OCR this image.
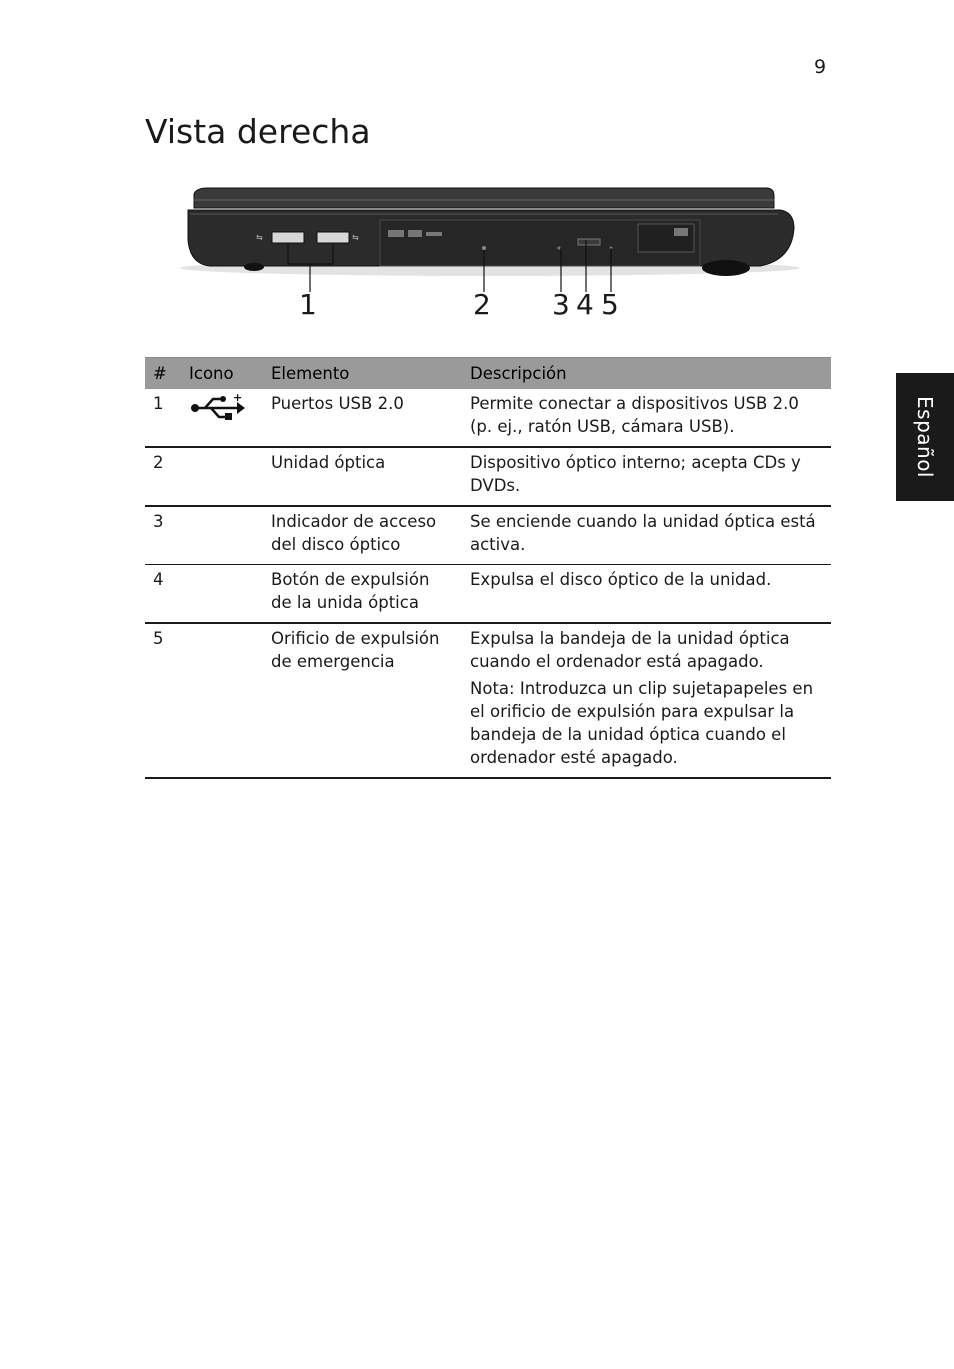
9
Vista derecha
Español
⇆	⇆
1	2 3 4 5
#	Icono	Elemento	Descripción
1	+	Puertos USB 2.0	Permite conectar a dispositivos USB 2.0 (p. ej., ratón USB, cámara USB).
2		Unidad óptica	Dispositivo óptico interno; acepta CDs y DVDs.
3		Indicador de acceso del disco óptico	Se enciende cuando la unidad óptica está activa.
4		Botón de expulsión de la unida óptica	Expulsa el disco óptico de la unidad.
5		Orificio de expulsión de emergencia	Expulsa la bandeja de la unidad óptica cuando el ordenador está apagado.

Nota: Introduzca un clip sujetapapeles en el orificio de expulsión para expulsar la bandeja de la unidad óptica cuando el ordenador esté apagado.
